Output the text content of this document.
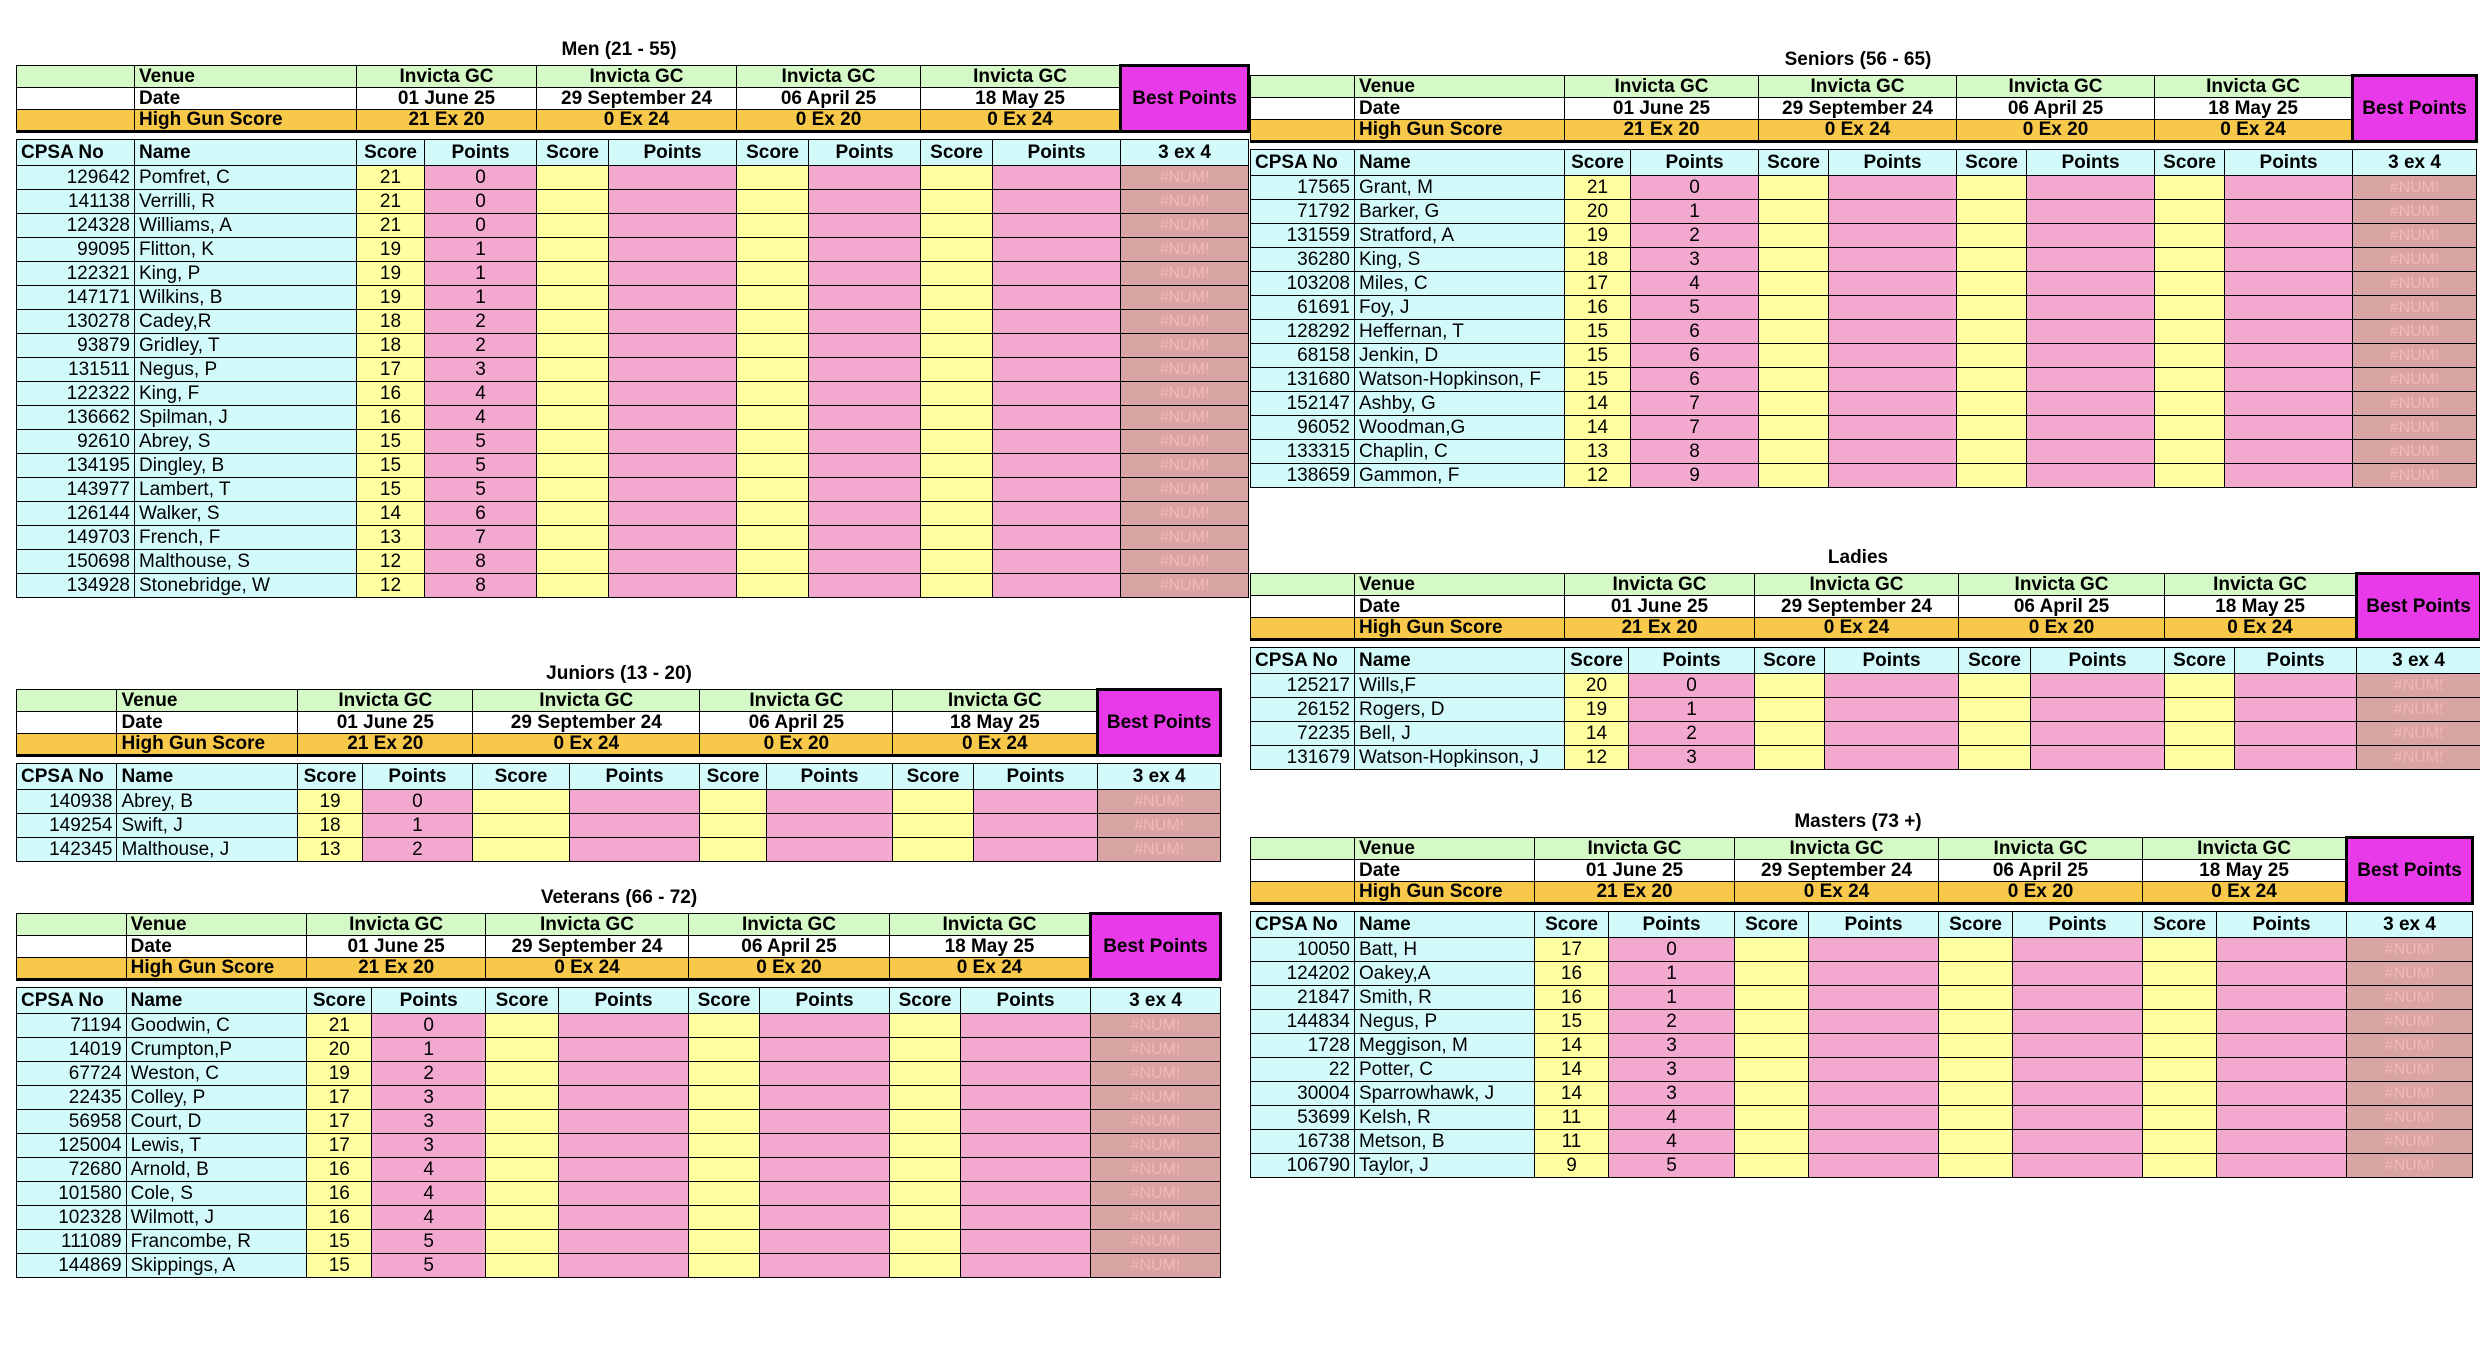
Men (21 - 55)
	Venue	Invicta GC		Invicta GC		Invicta GC		Invicta GC		Best Points
	Date	01 June 25		29 September 24		06 April 25		18 May 25		
	High Gun Score	21 Ex 20		0 Ex 24		0 Ex 20		0 Ex 24		

CPSA No	Name	Score	Points	Score	Points	Score	Points	Score	Points	3 ex 4
129642	Pomfret, C	21	0							#NUM!
141138	Verrilli, R	21	0							#NUM!
124328	Williams, A	21	0							#NUM!
99095	Flitton, K	19	1							#NUM!
122321	King, P	19	1							#NUM!
147171	Wilkins, B	19	1							#NUM!
130278	Cadey,R	18	2							#NUM!
93879	Gridley, T	18	2							#NUM!
131511	Negus, P	17	3							#NUM!
122322	King, F	16	4							#NUM!
136662	Spilman, J	16	4							#NUM!
92610	Abrey, S	15	5							#NUM!
134195	Dingley, B	15	5							#NUM!
143977	Lambert, T	15	5							#NUM!
126144	Walker, S	14	6							#NUM!
149703	French, F	13	7							#NUM!
150698	Malthouse, S	12	8							#NUM!
134928	Stonebridge, W	12	8							#NUM!
Juniors (13 - 20)
	Venue	Invicta GC		Invicta GC		Invicta GC		Invicta GC		Best Points
	Date	01 June 25		29 September 24		06 April 25		18 May 25		
	High Gun Score	21 Ex 20		0 Ex 24		0 Ex 20		0 Ex 24		

CPSA No	Name	Score	Points	Score	Points	Score	Points	Score	Points	3 ex 4
140938	Abrey, B	19	0							#NUM!
149254	Swift, J	18	1							#NUM!
142345	Malthouse, J	13	2							#NUM!
Veterans (66 - 72)
	Venue	Invicta GC		Invicta GC		Invicta GC		Invicta GC		Best Points
	Date	01 June 25		29 September 24		06 April 25		18 May 25		
	High Gun Score	21 Ex 20		0 Ex 24		0 Ex 20		0 Ex 24		

CPSA No	Name	Score	Points	Score	Points	Score	Points	Score	Points	3 ex 4
71194	Goodwin, C	21	0							#NUM!
14019	Crumpton,P	20	1							#NUM!
67724	Weston, C	19	2							#NUM!
22435	Colley, P	17	3							#NUM!
56958	Court, D	17	3							#NUM!
125004	Lewis, T	17	3							#NUM!
72680	Arnold, B	16	4							#NUM!
101580	Cole, S	16	4							#NUM!
102328	Wilmott, J	16	4							#NUM!
111089	Francombe, R	15	5							#NUM!
144869	Skippings, A	15	5							#NUM!
Seniors (56 - 65)
	Venue	Invicta GC		Invicta GC		Invicta GC		Invicta GC		Best Points
	Date	01 June 25		29 September 24		06 April 25		18 May 25		
	High Gun Score	21 Ex 20		0 Ex 24		0 Ex 20		0 Ex 24		

CPSA No	Name	Score	Points	Score	Points	Score	Points	Score	Points	3 ex 4
17565	Grant, M	21	0							#NUM!
71792	Barker, G	20	1							#NUM!
131559	Stratford, A	19	2							#NUM!
36280	King, S	18	3							#NUM!
103208	Miles, C	17	4							#NUM!
61691	Foy, J	16	5							#NUM!
128292	Heffernan, T	15	6							#NUM!
68158	Jenkin, D	15	6							#NUM!
131680	Watson-Hopkinson, F	15	6							#NUM!
152147	Ashby, G	14	7							#NUM!
96052	Woodman,G	14	7							#NUM!
133315	Chaplin, C	13	8							#NUM!
138659	Gammon, F	12	9							#NUM!
Ladies
	Venue	Invicta GC		Invicta GC		Invicta GC		Invicta GC		Best Points
	Date	01 June 25		29 September 24		06 April 25		18 May 25		
	High Gun Score	21 Ex 20		0 Ex 24		0 Ex 20		0 Ex 24		

CPSA No	Name	Score	Points	Score	Points	Score	Points	Score	Points	3 ex 4
125217	Wills,F	20	0							#NUM!
26152	Rogers, D	19	1							#NUM!
72235	Bell, J	14	2							#NUM!
131679	Watson-Hopkinson, J	12	3							#NUM!
Masters (73 +)
	Venue	Invicta GC		Invicta GC		Invicta GC		Invicta GC		Best Points
	Date	01 June 25		29 September 24		06 April 25		18 May 25		
	High Gun Score	21 Ex 20		0 Ex 24		0 Ex 20		0 Ex 24		

CPSA No	Name	Score	Points	Score	Points	Score	Points	Score	Points	3 ex 4
10050	Batt, H	17	0							#NUM!
124202	Oakey,A	16	1							#NUM!
21847	Smith, R	16	1							#NUM!
144834	Negus, P	15	2							#NUM!
1728	Meggison, M	14	3							#NUM!
22	Potter, C	14	3							#NUM!
30004	Sparrowhawk, J	14	3							#NUM!
53699	Kelsh, R	11	4							#NUM!
16738	Metson, B	11	4							#NUM!
106790	Taylor, J	9	5							#NUM!
